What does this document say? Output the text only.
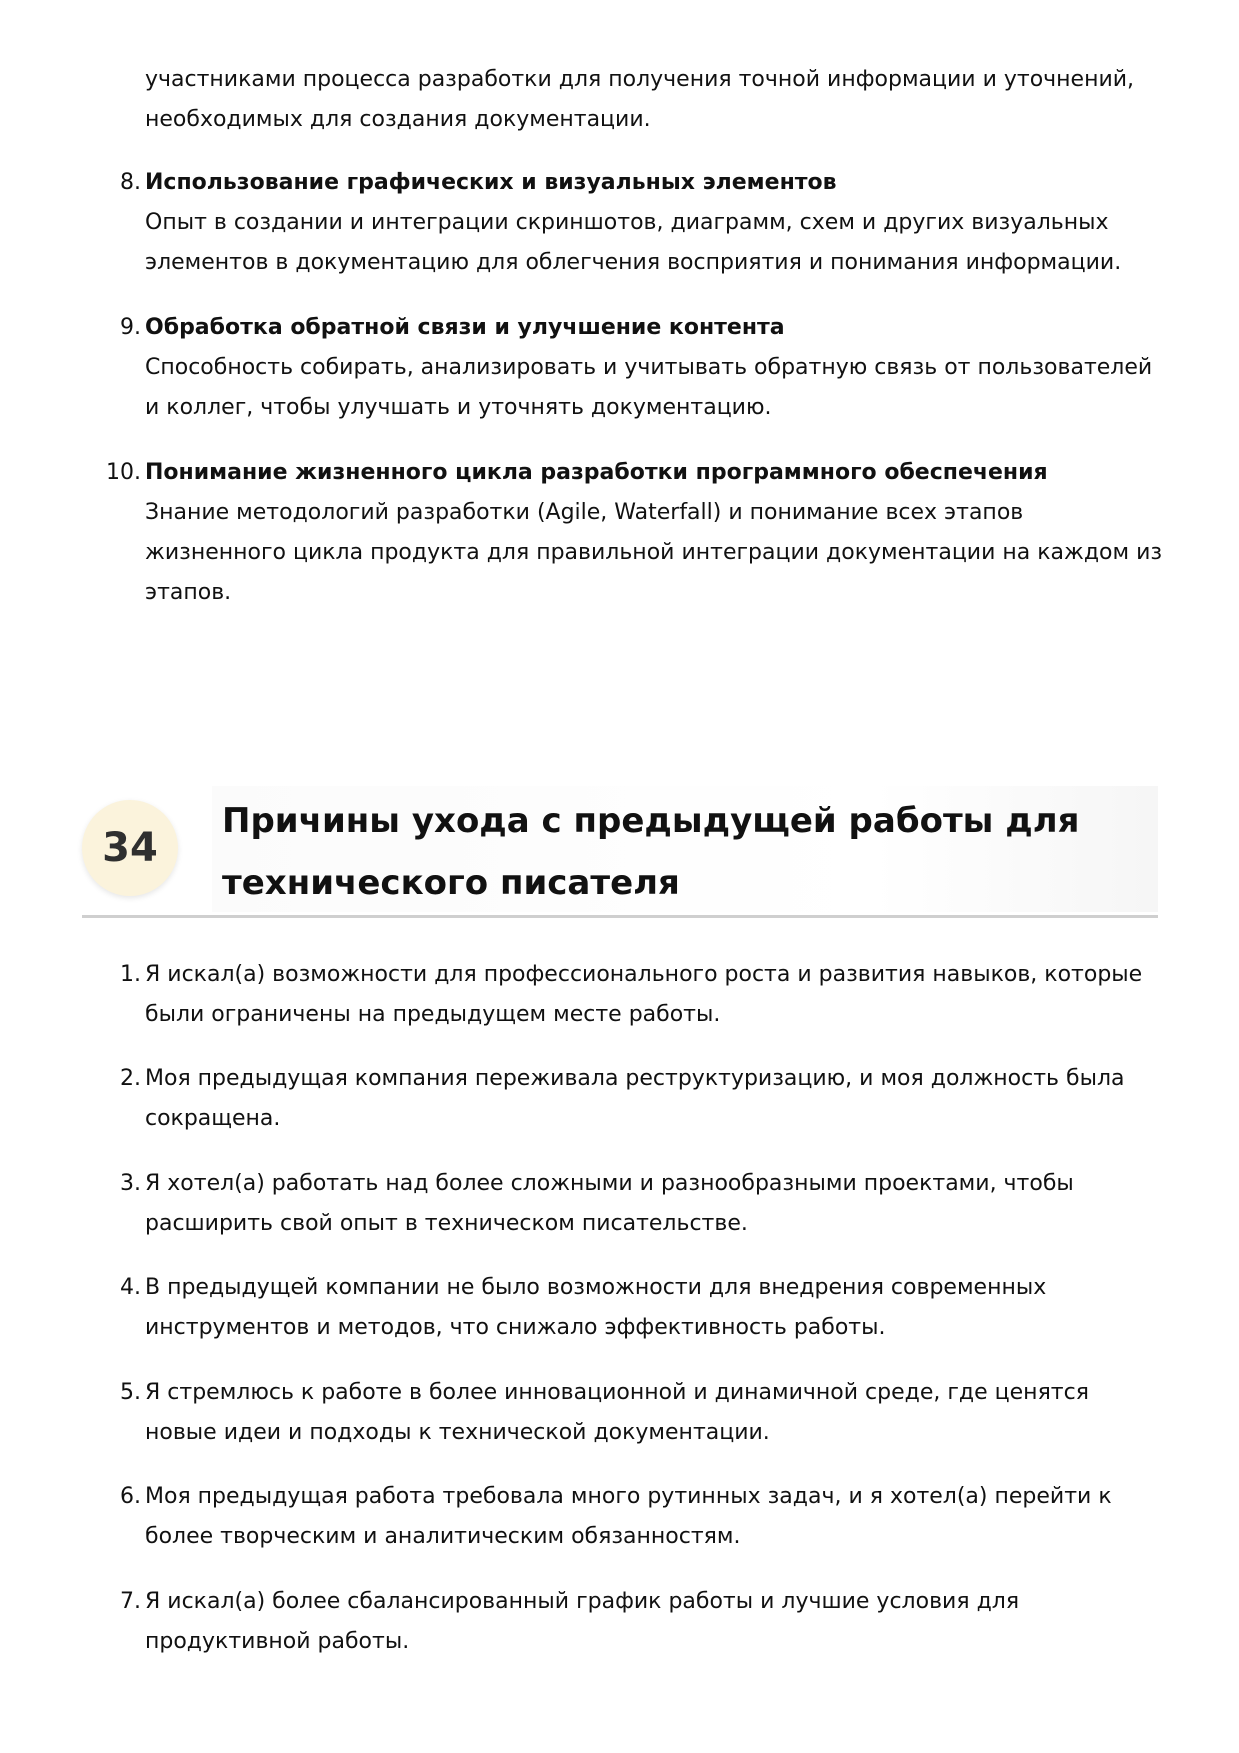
участниками процесса разработки для получения точной информации и уточнений, необходимых для создания документации.
8. Использование графических и визуальных элементов
Опыт в создании и интеграции скриншотов, диаграмм, схем и других визуальных элементов в документацию для облегчения восприятия и понимания информации.
9. Обработка обратной связи и улучшение контента
Способность собирать, анализировать и учитывать обратную связь от пользователей и коллег, чтобы улучшать и уточнять документацию.
10. Понимание жизненного цикла разработки программного обеспечения
Знание методологий разработки (Agile, Waterfall) и понимание всех этапов жизненного цикла продукта для правильной интеграции документации на каждом из этапов.
34
Причины ухода с предыдущей работы для технического писателя
1. Я искал(а) возможности для профессионального роста и развития навыков, которые были ограничены на предыдущем месте работы.
2. Моя предыдущая компания переживала реструктуризацию, и моя должность была сокращена.
3. Я хотел(а) работать над более сложными и разнообразными проектами, чтобы расширить свой опыт в техническом писательстве.
4. В предыдущей компании не было возможности для внедрения современных инструментов и методов, что снижало эффективность работы.
5. Я стремлюсь к работе в более инновационной и динамичной среде, где ценятся новые идеи и подходы к технической документации.
6. Моя предыдущая работа требовала много рутинных задач, и я хотел(а) перейти к более творческим и аналитическим обязанностям.
7. Я искал(а) более сбалансированный график работы и лучшие условия для продуктивной работы.
